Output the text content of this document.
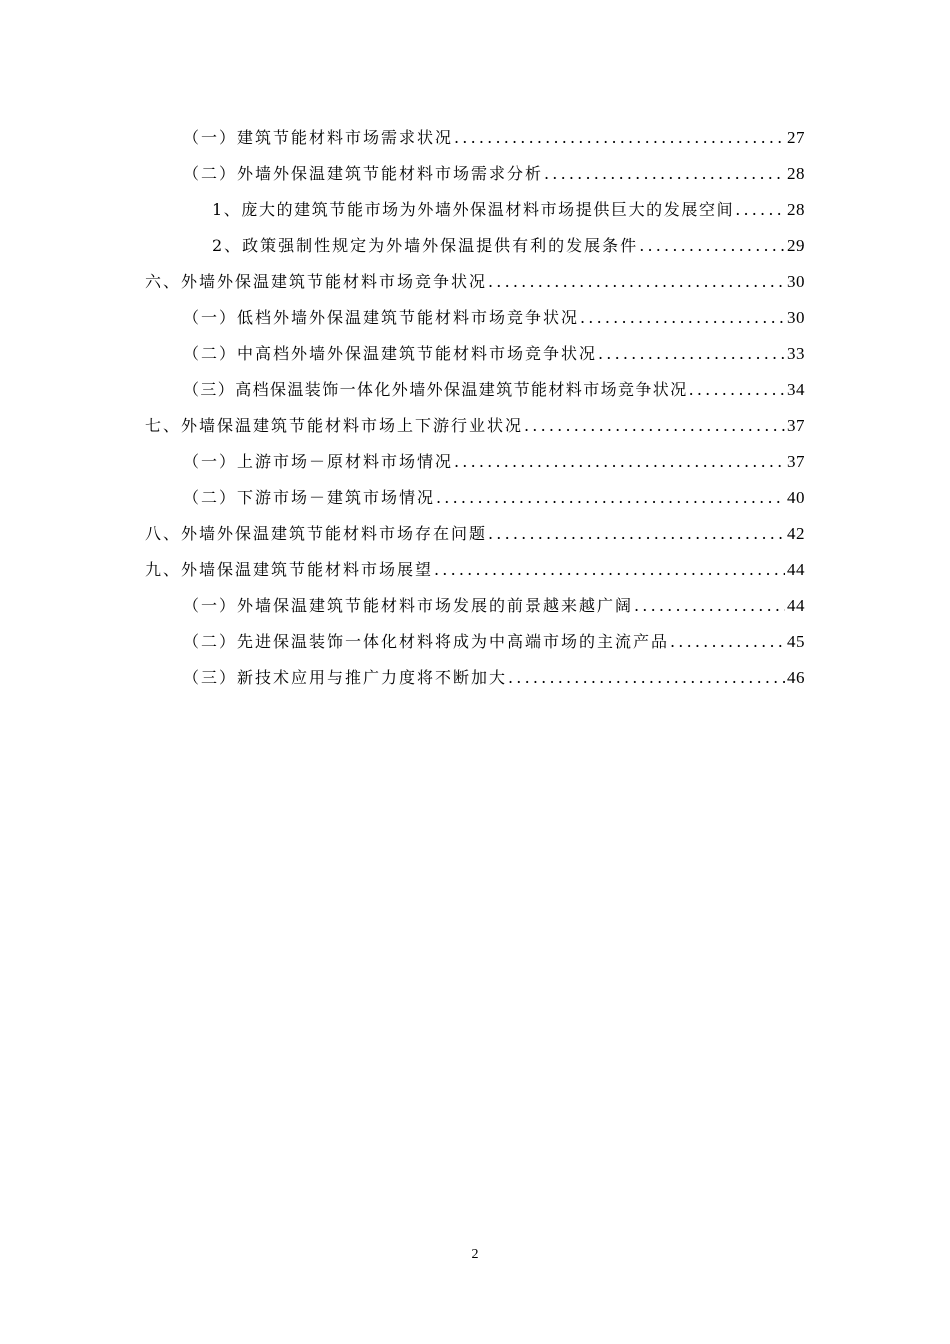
（一）建筑节能材料市场需求状况 .....	27
（二）外墙外保温建筑节能材料市场需求分析 .....	28
1、庞大的建筑节能市场为外墙外保温材料市场提供巨大的发展空间 .....	28
2、政策强制性规定为外墙外保温提供有利的发展条件 .....	29
六、外墙外保温建筑节能材料市场竞争状况 .....	30
（一）低档外墙外保温建筑节能材料市场竞争状况 .....	30
（二）中高档外墙外保温建筑节能材料市场竞争状况 .....	33
（三）高档保温装饰一体化外墙外保温建筑节能材料市场竞争状况 .....	34
七、外墙保温建筑节能材料市场上下游行业状况 .....	37
（一）上游市场－原材料市场情况 .....	37
（二）下游市场－建筑市场情况 .....	40
八、外墙外保温建筑节能材料市场存在问题 .....	42
九、外墙保温建筑节能材料市场展望 .....	44
（一）外墙保温建筑节能材料市场发展的前景越来越广阔 .....	44
（二）先进保温装饰一体化材料将成为中高端市场的主流产品 .....	45
（三）新技术应用与推广力度将不断加大 .....	46
2
